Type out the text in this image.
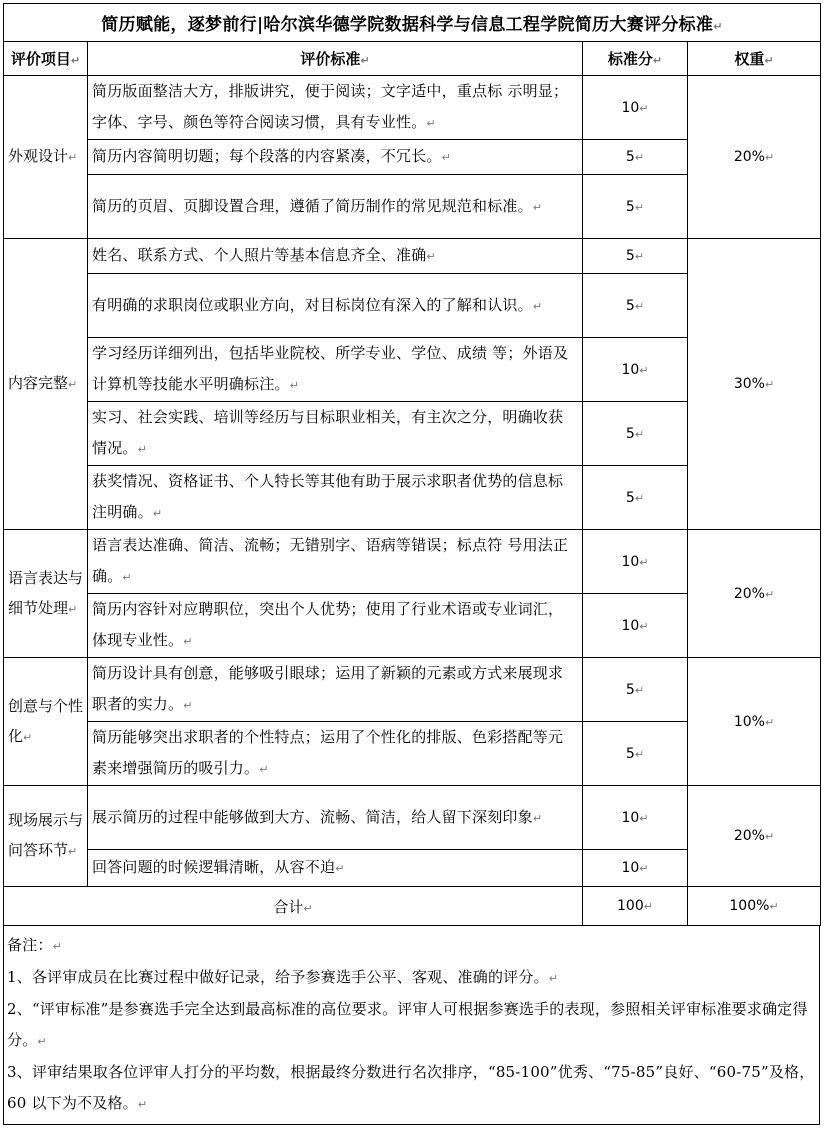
简历赋能，逐梦前行|哈尔滨华德学院数据科学与信息工程学院简历大赛评分标准↵			
评价项目↵	评价标准↵	标准分↵	权重↵
外观设计↵	简历版面整洁大方，排版讲究，便于阅读；文字适中，重点标 示明显；字体、字号、颜色等符合阅读习惯，具有专业性。↵	10↵	20%↵
	简历内容简明切题；每个段落的内容紧凑，不冗长。↵	5↵	
	简历的页眉、页脚设置合理，遵循了简历制作的常见规范和标准。↵	5↵	
内容完整↵	姓名、联系方式、个人照片等基本信息齐全、准确↵	5↵	30%↵
	有明确的求职岗位或职业方向，对目标岗位有深入的了解和认识。↵	5↵	
	学习经历详细列出，包括毕业院校、所学专业、学位、成绩 等；外语及计算机等技能水平明确标注。↵	10↵	
	实习、社会实践、培训等经历与目标职业相关，有主次之分，明确收获情况。↵	5↵	
	获奖情况、资格证书、个人特长等其他有助于展示求职者优势的信息标注明确。↵	5↵	
语言表达与细节处理↵	语言表达准确、简洁、流畅；无错别字、语病等错误；标点符 号用法正确。↵	10↵	20%↵
	简历内容针对应聘职位，突出个人优势；使用了行业术语或专业词汇，体现专业性。↵	10↵	
创意与个性化↵	简历设计具有创意，能够吸引眼球；运用了新颖的元素或方式来展现求职者的实力。↵	5↵	10%↵
	简历能够突出求职者的个性特点；运用了个性化的排版、色彩搭配等元素来增强简历的吸引力。↵	5↵	
现场展示与问答环节↵	展示简历的过程中能够做到大方、流畅、简洁，给人留下深刻印象↵	10↵	20%↵
	回答问题的时候逻辑清晰，从容不迫↵	10↵	
合计↵		100↵	100%↵
备注：↵
1、各评审成员在比赛过程中做好记录，给予参赛选手公平、客观、准确的评分。↵
2、“评审标准”是参赛选手完全达到最高标准的高位要求。评审人可根据参赛选手的表现，参照相关评审标准要求确定得分。↵
3、评审结果取各位评审人打分的平均数，根据最终分数进行名次排序，“85-100”优秀、“75-85”良好、“60-75”及格，60 以下为不及格。↵
